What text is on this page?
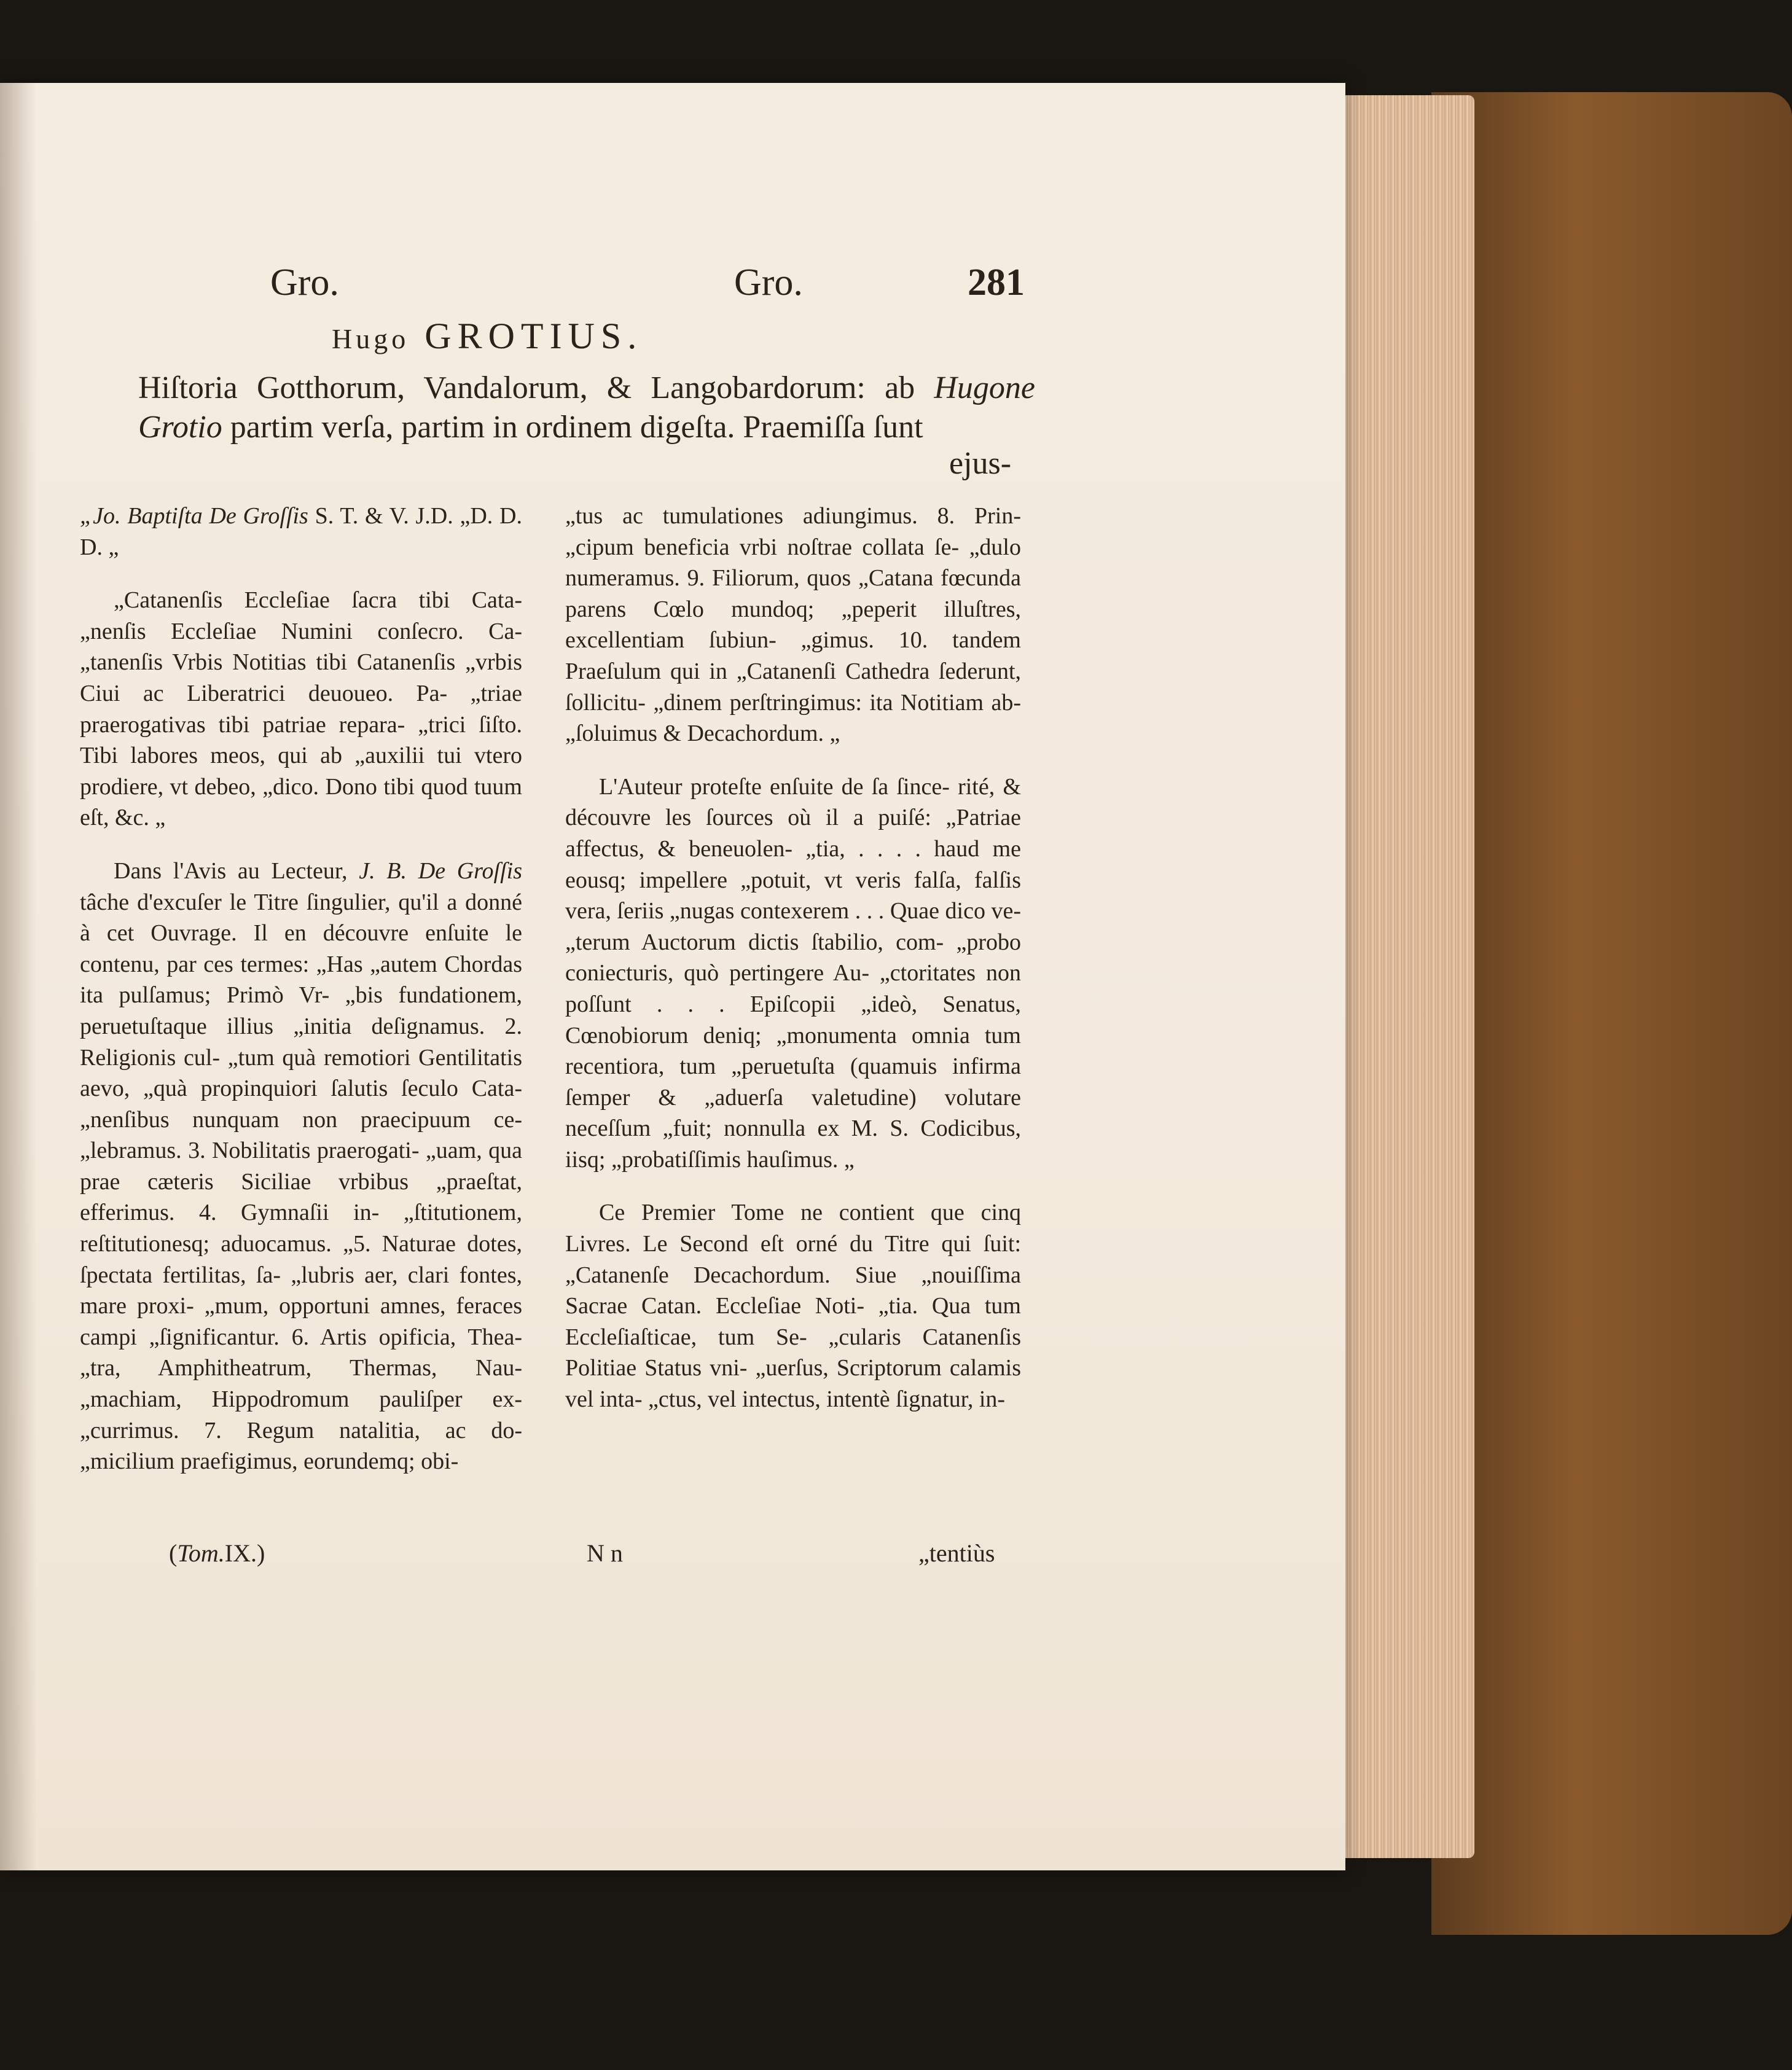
Gro.	Gro.	281
Hugo GROTIUS.
Hiſtoria Gotthorum, Vandalorum, & Langobardorum: ab Hugone Grotio partim verſa, partim in ordinem digeſta. Praemiſſa ſunt
ejus-

„Jo. Baptiſta De Groſſis S. T. & V. J.D. „D. D. D. „

„Catanenſis Eccleſiae ſacra tibi Cata- „nenſis Eccleſiae Numini conſecro. Ca- „tanenſis Vrbis Notitias tibi Catanenſis „vrbis Ciui ac Liberatrici deuoueo. Pa- „triae praerogativas tibi patriae repara- „trici ſiſto. Tibi labores meos, qui ab „auxilii tui vtero prodiere, vt debeo, „dico. Dono tibi quod tuum eſt, &c. „

Dans l'Avis au Lecteur, J. B. De Groſſis tâche d'excuſer le Titre ſingulier, qu'il a donné à cet Ouvrage. Il en découvre enſuite le contenu, par ces termes: „Has „autem Chordas ita pulſamus; Primò Vr- „bis fundationem, peruetuſtaque illius „initia deſignamus. 2. Religionis cul- „tum quà remotiori Gentilitatis aevo, „quà propinquiori ſalutis ſeculo Cata- „nenſibus nunquam non praecipuum ce- „lebramus. 3. Nobilitatis praerogati- „uam, qua prae cæteris Siciliae vrbibus „praeſtat, efferimus. 4. Gymnaſii in- „ſtitutionem, reſtitutionesq; aduocamus. „5. Naturae dotes, ſpectata fertilitas, ſa- „lubris aer, clari fontes, mare proxi- „mum, opportuni amnes, feraces campi „ſignificantur. 6. Artis opificia, Thea- „tra, Amphitheatrum, Thermas, Nau- „machiam, Hippodromum pauliſper ex- „currimus. 7. Regum natalitia, ac do- „micilium praefigimus, eorundemq; obi-

„tus ac tumulationes adiungimus. 8. Prin- „cipum beneficia vrbi noſtrae collata ſe- „dulo numeramus. 9. Filiorum, quos „Catana fœcunda parens Cœlo mundoq; „peperit illuſtres, excellentiam ſubiun- „gimus. 10. tandem Praeſulum qui in „Catanenſi Cathedra ſederunt, ſollicitu- „dinem perſtringimus: ita Notitiam ab- „ſoluimus & Decachordum. „

L'Auteur proteſte enſuite de ſa ſince- rité, & découvre les ſources où il a puiſé: „Patriae affectus, & beneuolen- „tia, . . . . haud me eousq; impellere „potuit, vt veris falſa, falſis vera, ſeriis „nugas contexerem . . . Quae dico ve- „terum Auctorum dictis ſtabilio, com- „probo coniecturis, quò pertingere Au- „ctoritates non poſſunt . . . Epiſcopii „ideò, Senatus, Cœnobiorum deniq; „monumenta omnia tum recentiora, tum „peruetuſta (quamuis infirma ſemper & „aduerſa valetudine) volutare neceſſum „fuit; nonnulla ex M. S. Codicibus, iisq; „probatiſſimis hauſimus. „

Ce Premier Tome ne contient que cinq Livres. Le Second eſt orné du Titre qui ſuit: „Catanenſe Decachordum. Siue „nouiſſima Sacrae Catan. Eccleſiae Noti- „tia. Qua tum Eccleſiaſticae, tum Se- „cularis Catanenſis Politiae Status vni- „uerſus, Scriptorum calamis vel inta- „ctus, vel intectus, intentè ſignatur, in-

(Tom.IX.)	N n	„tentiùs
